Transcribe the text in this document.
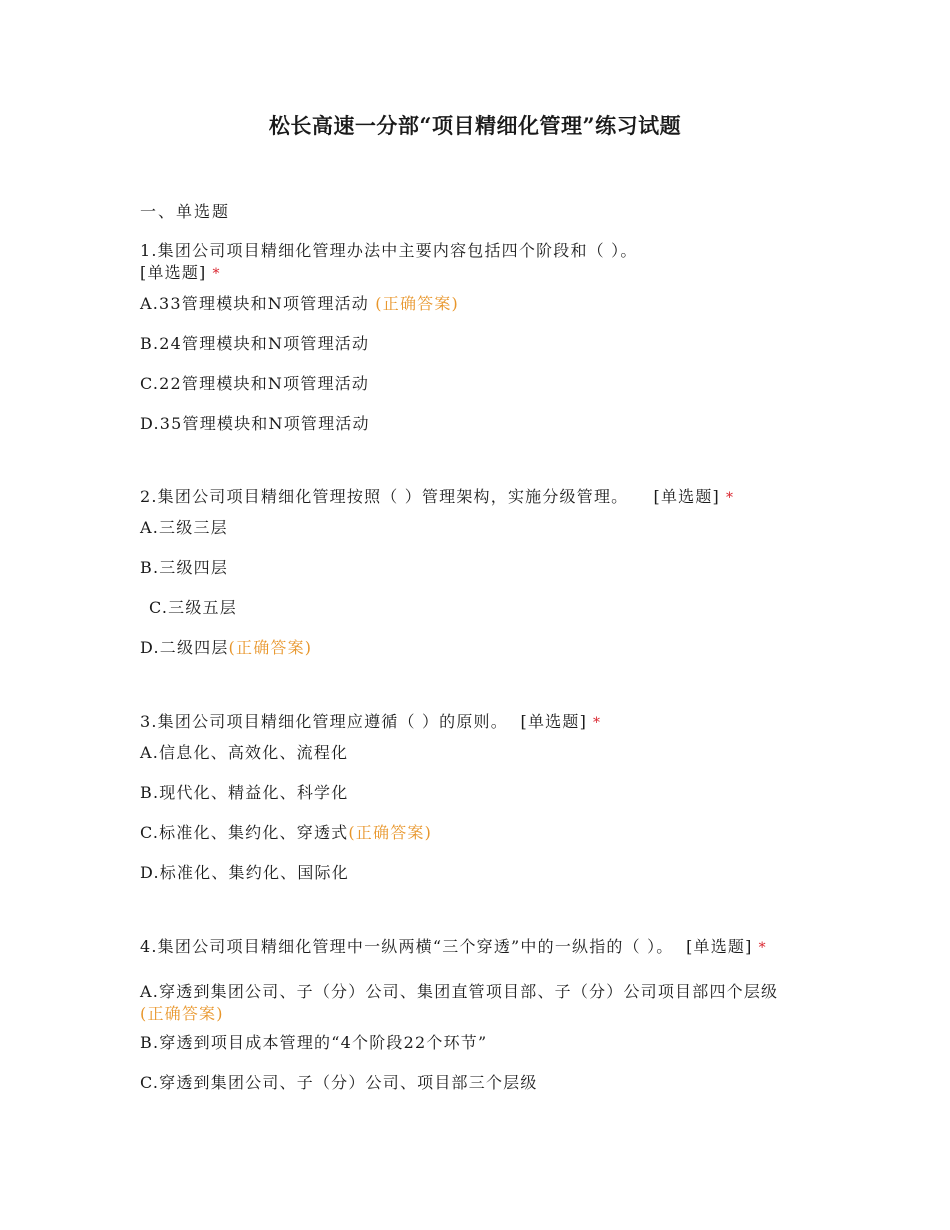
松长高速一分部“项目精细化管理”练习试题
一、单选题

1.集团公司项目精细化管理办法中主要内容包括四个阶段和（ ）。
[单选题] *

A.33管理模块和N项管理活动 (正确答案)

B.24管理模块和N项管理活动

C.22管理模块和N项管理活动

D.35管理模块和N项管理活动

2.集团公司项目精细化管理按照（ ）管理架构，实施分级管理。 [单选题] *

A.三级三层

B.三级四层

C.三级五层

D.二级四层(正确答案)

3.集团公司项目精细化管理应遵循（ ）的原则。 [单选题] *

A.信息化、高效化、流程化

B.现代化、精益化、科学化

C.标准化、集约化、穿透式(正确答案)

D.标准化、集约化、国际化

4.集团公司项目精细化管理中一纵两横“三个穿透”中的一纵指的（ ）。 [单选题] *

A.穿透到集团公司、子（分）公司、集团直管项目部、子（分）公司项目部四个层级(正确答案)

B.穿透到项目成本管理的“4个阶段22个环节”

C.穿透到集团公司、子（分）公司、项目部三个层级
